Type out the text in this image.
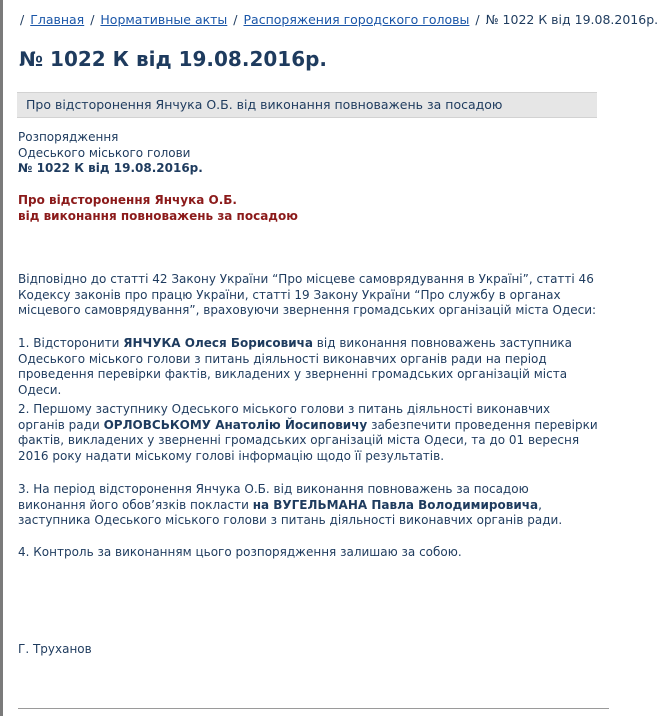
/ Главная / Нормативные акты / Распоряжения городского головы / № 1022 К від 19.08.2016р.
№ 1022 К від 19.08.2016р.
Про відсторонення Янчука О.Б. від виконання повноважень за посадою
Розпорядження
Одеського міського голови
№ 1022 К від 19.08.2016р.
Про відсторонення Янчука О.Б.
від виконання повноважень за посадою
Відповідно до статті 42 Закону України “Про місцеве самоврядування в Україні”, статті 46 Кодексу законів про працю України, статті 19 Закону України “Про службу в органах місцевого самоврядування”, враховуючи звернення громадських організацій міста Одеси:
1. Відсторонити ЯНЧУКА Олеся Борисовича від виконання повноважень заступника Одеського міського голови з питань діяльності виконавчих органів ради на період проведення перевірки фактів, викладених у зверненні громадських організацій міста Одеси.
2. Першому заступнику Одеського міського голови з питань діяльності виконавчих органів ради ОРЛОВСЬКОМУ Анатолію Йосиповичу забезпечити проведення перевірки фактів, викладених у зверненні громадських організацій міста Одеси, та до 01 вересня 2016 року надати міському голові інформацію щодо її результатів.
3. На період відсторонення Янчука О.Б. від виконання повноважень за посадою виконання його обов’язків покласти на ВУГЕЛЬМАНА Павла Володимировича, заступника Одеського міського голови з питань діяльності виконавчих органів ради.
4. Контроль за виконанням цього розпорядження залишаю за собою.
Г. Труханов
